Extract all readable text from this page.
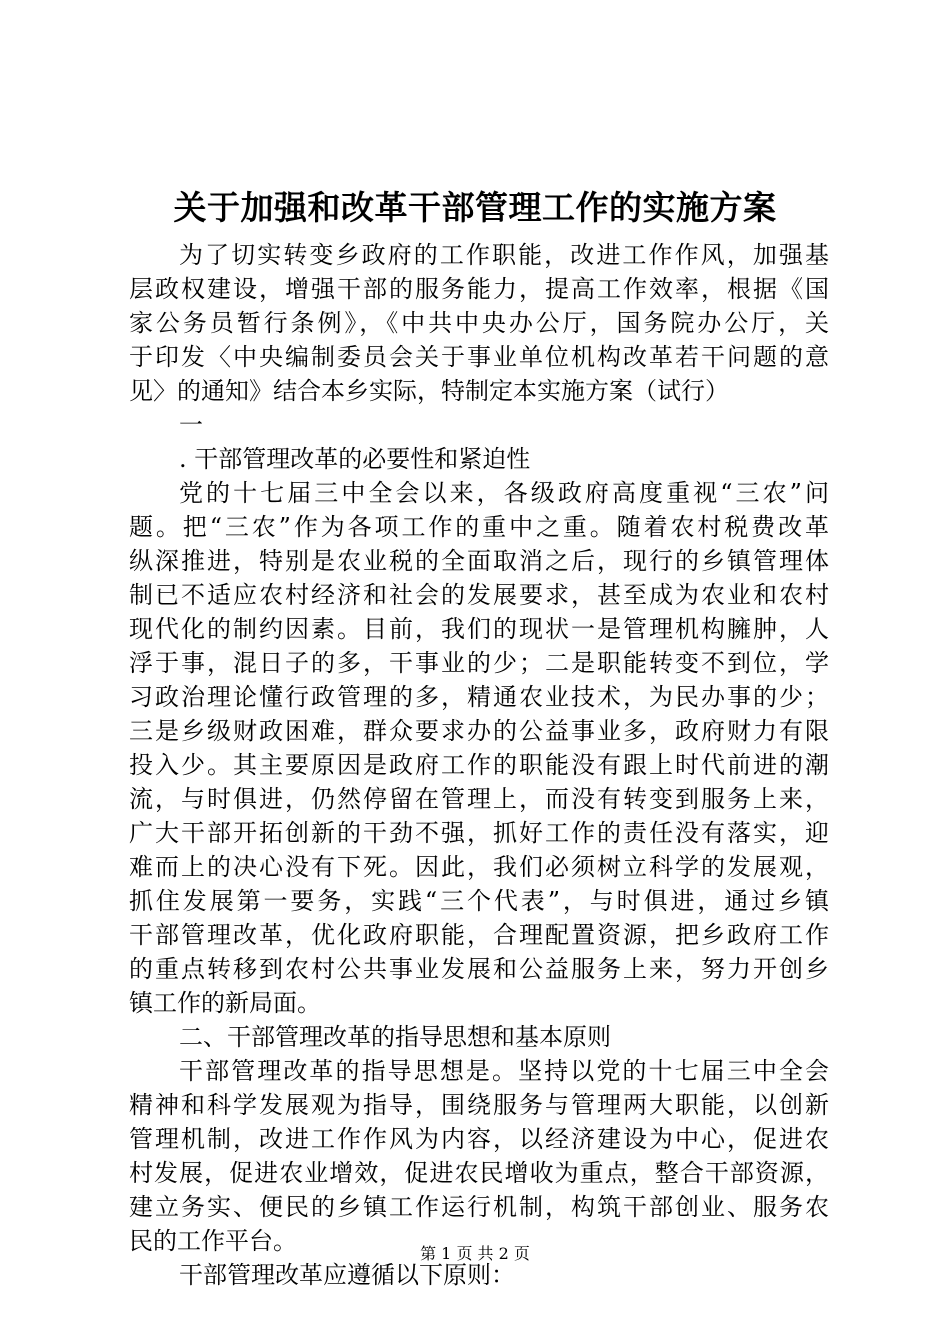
关于加强和改革干部管理工作的实施方案
为了切实转变乡政府的工作职能，改进工作作风，加强基
层政权建设，增强干部的服务能力，提高工作效率，根据《国
家公务员暂行条例》，《中共中央办公厅，国务院办公厅，关
于印发〈中央编制委员会关于事业单位机构改革若干问题的意
见〉的通知》结合本乡实际，特制定本实施方案（试行）
一
. 干部管理改革的必要性和紧迫性
党的十七届三中全会以来，各级政府高度重视“三农”问
题。把“三农”作为各项工作的重中之重。随着农村税费改革
纵深推进，特别是农业税的全面取消之后，现行的乡镇管理体
制已不适应农村经济和社会的发展要求，甚至成为农业和农村
现代化的制约因素。目前，我们的现状一是管理机构臃肿，人
浮于事，混日子的多，干事业的少；二是职能转变不到位，学
习政治理论懂行政管理的多，精通农业技术，为民办事的少；
三是乡级财政困难，群众要求办的公益事业多，政府财力有限
投入少。其主要原因是政府工作的职能没有跟上时代前进的潮
流，与时俱进，仍然停留在管理上，而没有转变到服务上来，
广大干部开拓创新的干劲不强，抓好工作的责任没有落实，迎
难而上的决心没有下死。因此，我们必须树立科学的发展观，
抓住发展第一要务，实践“三个代表”，与时俱进，通过乡镇
干部管理改革，优化政府职能，合理配置资源，把乡政府工作
的重点转移到农村公共事业发展和公益服务上来，努力开创乡
镇工作的新局面。
二、干部管理改革的指导思想和基本原则
干部管理改革的指导思想是。坚持以党的十七届三中全会
精神和科学发展观为指导，围绕服务与管理两大职能，以创新
管理机制，改进工作作风为内容，以经济建设为中心，促进农
村发展，促进农业增效，促进农民增收为重点，整合干部资源，
建立务实、便民的乡镇工作运行机制，构筑干部创业、服务农
民的工作平台。
干部管理改革应遵循以下原则：
第 1 页 共 2 页
